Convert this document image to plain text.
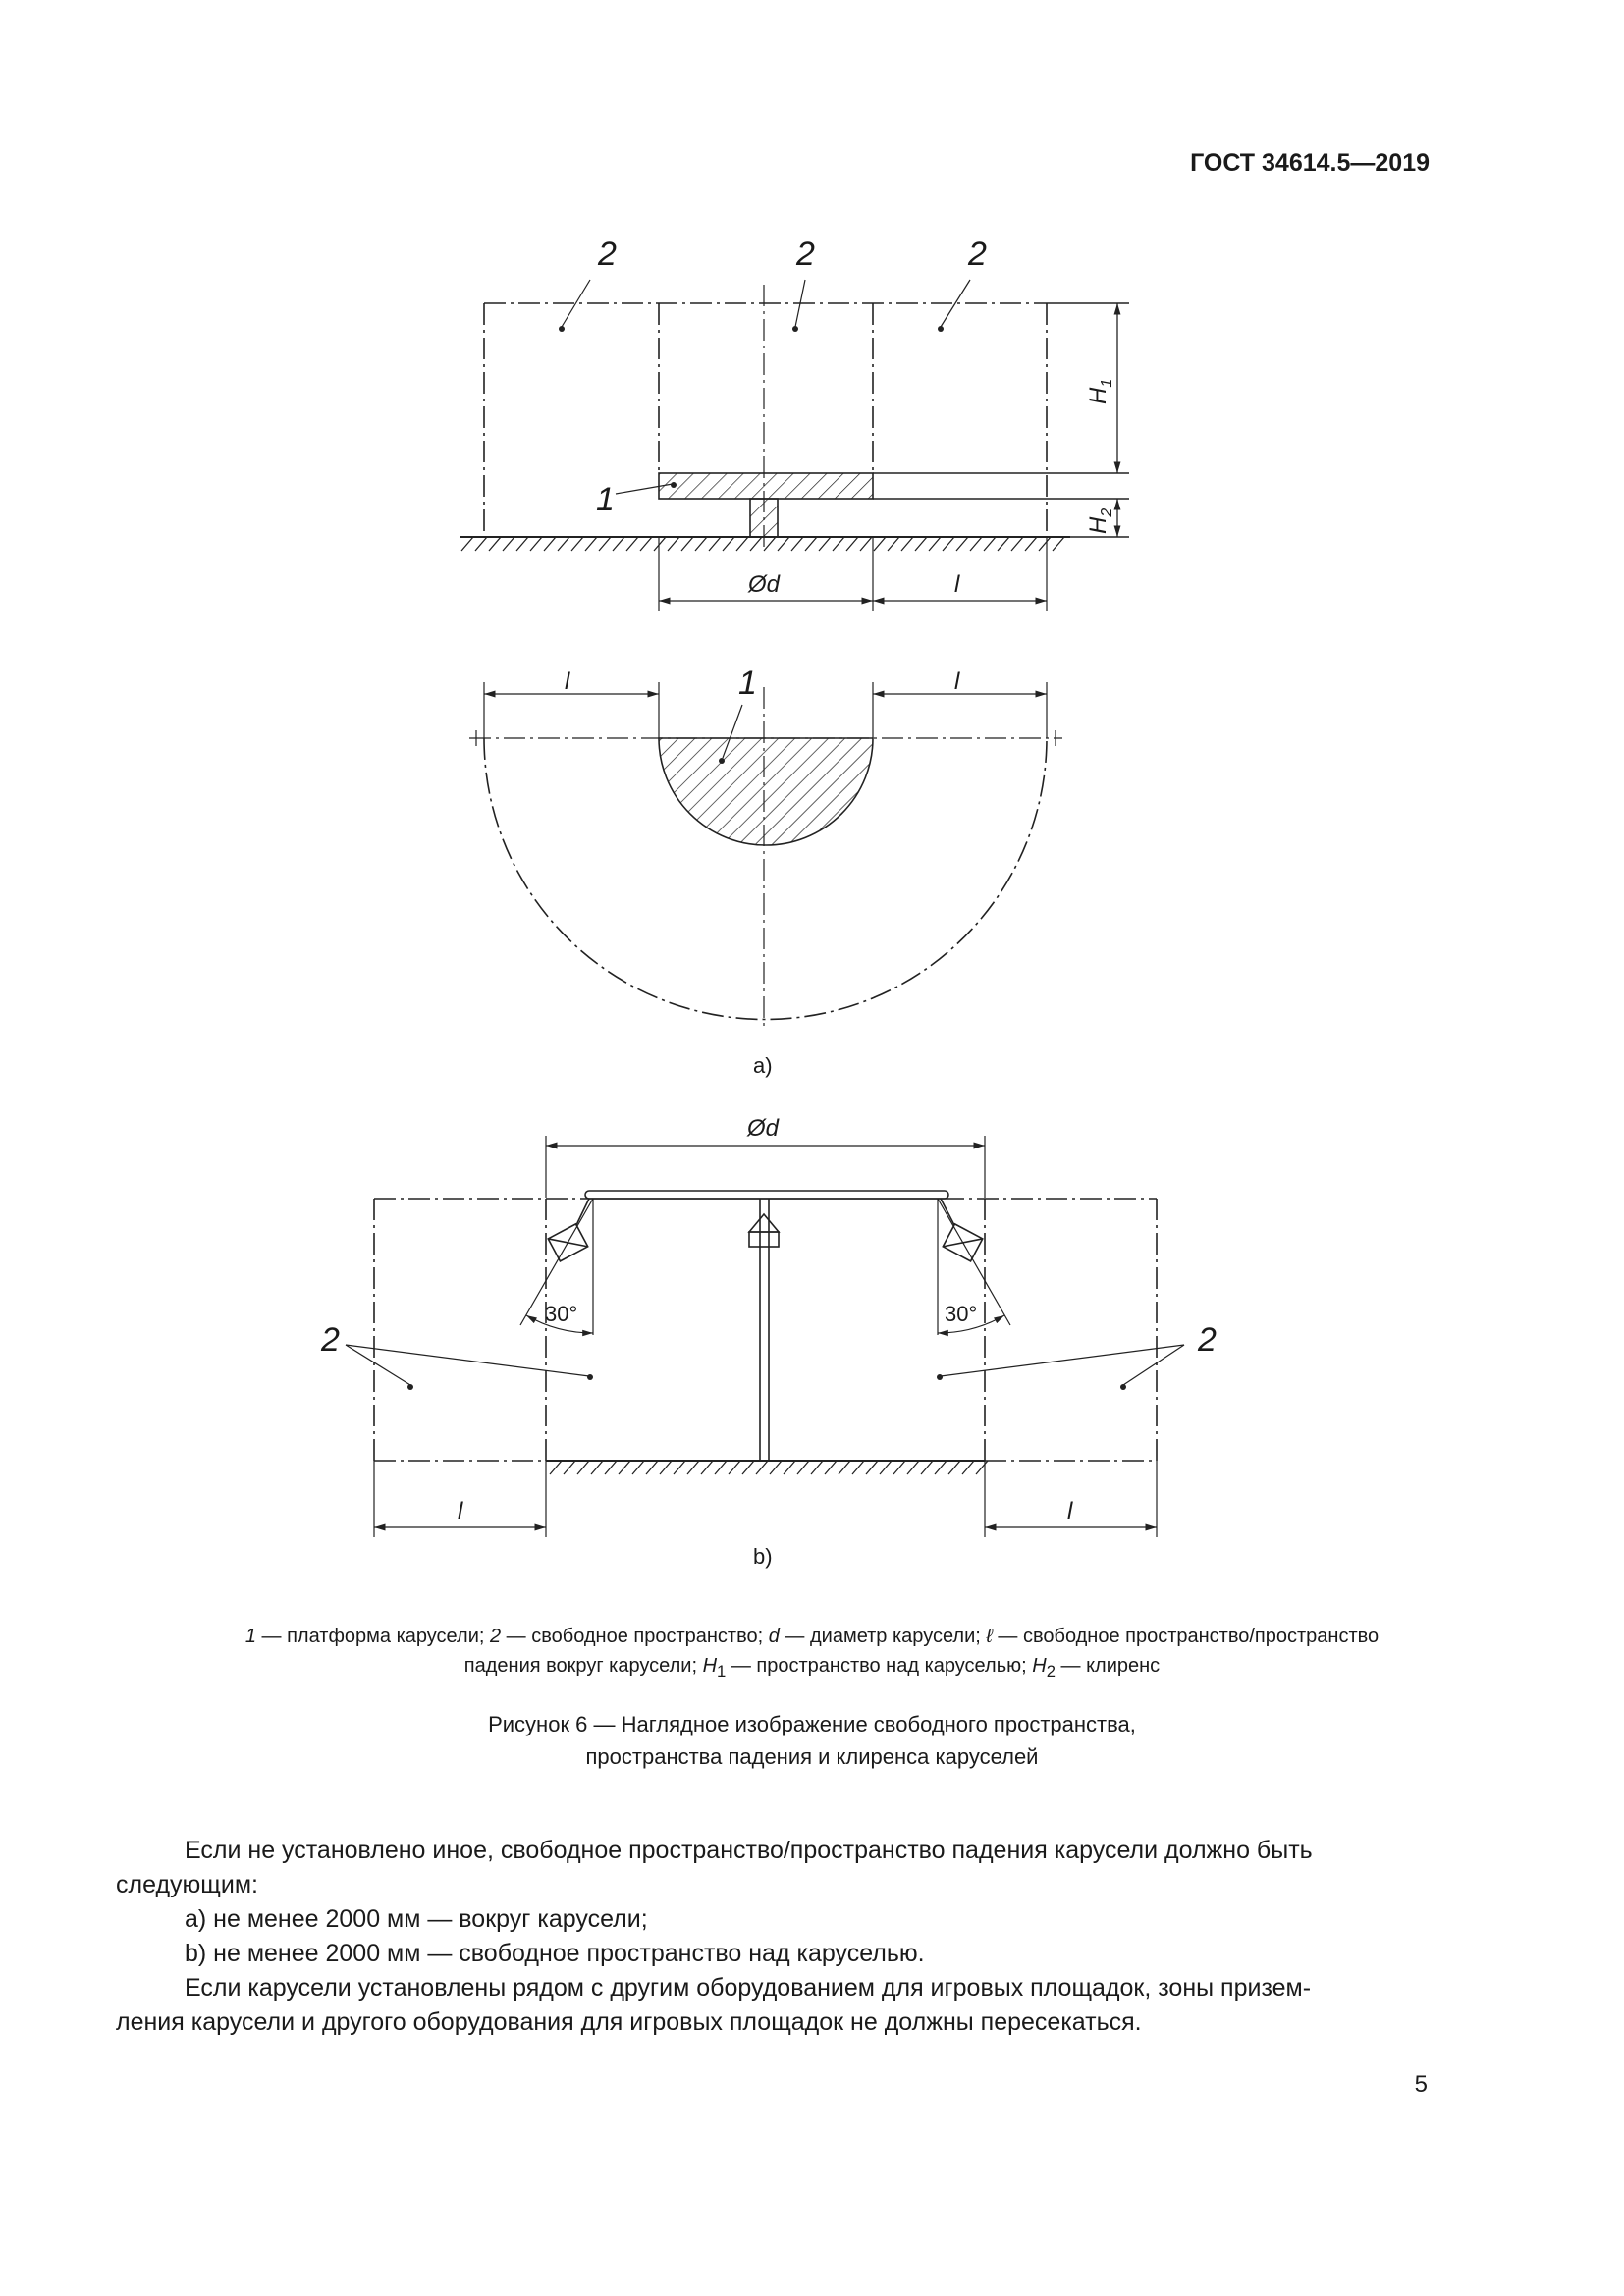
ГОСТ 34614.5—2019
2	2	2
1
Ød	l
$H_1$
$H_2$
l	l
1
a)
Ød
30°	30°
2	2
l	l
b)
1 — платформа карусели; 2 — свободное пространство; d — диаметр карусели; ℓ — свободное пространство/пространство
падения вокруг карусели; $H_1$ — пространство над каруселью; $H_2$ — клиренс
Рисунок 6 — Наглядное изображение свободного пространства,
пространства падения и клиренса каруселей

Если не установлено иное, свободное пространство/пространство падения карусели должно быть

следующим:

a) не менее 2000 мм — вокруг карусели;

b) не менее 2000 мм — свободное пространство над каруселью.

Если карусели установлены рядом с другим оборудованием для игровых площадок, зоны призем-

ления карусели и другого оборудования для игровых площадок не должны пересекаться.

5
